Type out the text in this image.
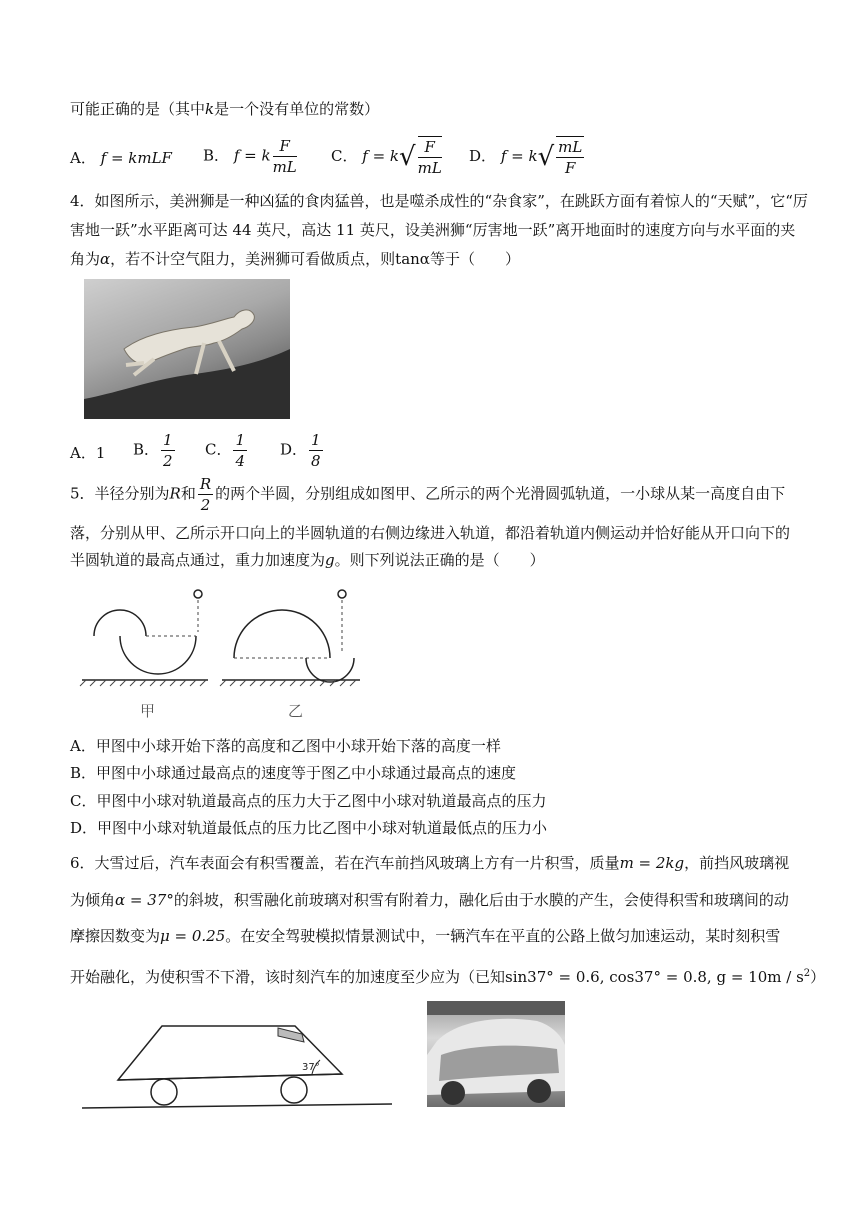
可能正确的是（其中k是一个没有单位的常数）
A． f = kmLF B． f = k $\frac{F}{mL}$ C． $f = k√ \frac{F}{mL}$ D． $f = k√ \frac{mL}{F}$
4．如图所示，美洲狮是一种凶猛的食肉猛兽，也是噬杀成性的“杂食家”，在跳跃方面有着惊人的“天赋”，它“厉
害地一跃”水平距离可达 44 英尺，高达 11 英尺，设美洲狮“厉害地一跃”离开地面时的速度方向与水平面的夹
角为α，若不计空气阻力，美洲狮可看做质点，则tanα等于（　　）
A．1 B． $\frac{1}{2}$ C． $\frac{1}{4}$ D． $\frac{1}{8}$
5．半径分别为R和 $\frac{R}{2}$ 的两个半圆，分别组成如图甲、乙所示的两个光滑圆弧轨道，一小球从某一高度自由下
落，分别从甲、乙所示开口向上的半圆轨道的右侧边缘进入轨道，都沿着轨道内侧运动并恰好能从开口向下的
半圆轨道的最高点通过，重力加速度为g。则下列说法正确的是（　　）
甲	乙
A．甲图中小球开始下落的高度和乙图中小球开始下落的高度一样
B．甲图中小球通过最高点的速度等于图乙中小球通过最高点的速度
C．甲图中小球对轨道最高点的压力大于乙图中小球对轨道最高点的压力
D．甲图中小球对轨道最低点的压力比乙图中小球对轨道最低点的压力小
6．大雪过后，汽车表面会有积雪覆盖，若在汽车前挡风玻璃上方有一片积雪，质量m = 2kg，前挡风玻璃视
为倾角α = 37°的斜坡，积雪融化前玻璃对积雪有附着力，融化后由于水膜的产生，会使得积雪和玻璃间的动
摩擦因数变为μ = 0.25。在安全驾驶模拟情景测试中，一辆汽车在平直的公路上做匀加速运动，某时刻积雪
开始融化，为使积雪不下滑，该时刻汽车的加速度至少应为（已知sin37° = 0.6, cos37° = 0.8, $g = 10m / s^2$）
37°
